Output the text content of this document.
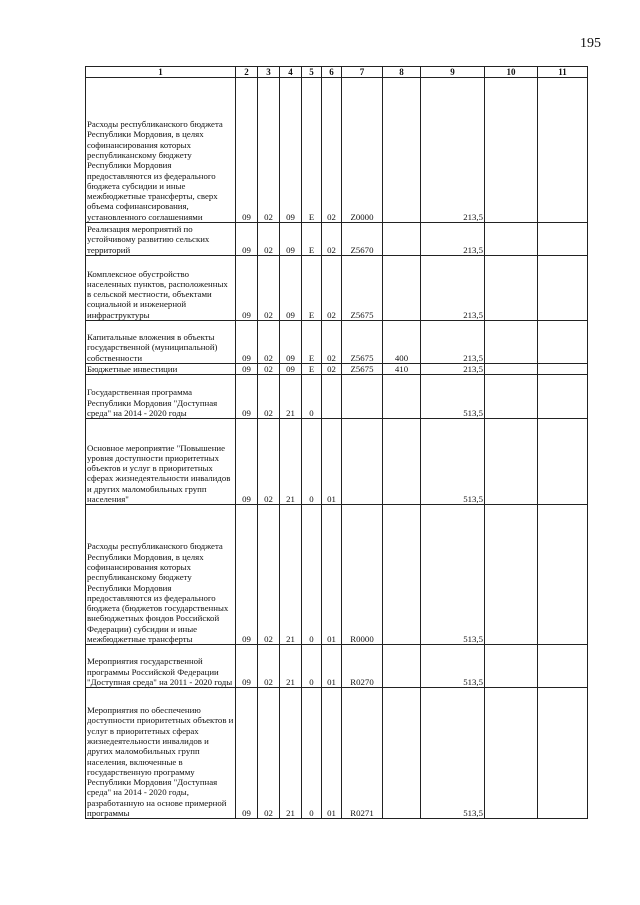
195
1	2	3	4	5	6	7	8	9	10	11
Расходы республиканского бюджета Республики Мордовия, в целях софинансирования которых республиканскому бюджету Республики Мордовия предоставляются из федерального бюджета субсидии и иные межбюджетные трансферты, сверх объема софинансирования, установленного соглашениями	09	02	09	Е	02	Z0000		213,5		
Реализация мероприятий по устойчивому развитию сельских территорий	09	02	09	Е	02	Z5670		213,5		
Комплексное обустройство населенных пунктов, расположенных в сельской местности, объектами социальной и инженерной инфраструктуры	09	02	09	Е	02	Z5675		213,5		
Капитальные вложения в объекты государственной (муниципальной) собственности	09	02	09	Е	02	Z5675	400	213,5		
Бюджетные инвестиции	09	02	09	Е	02	Z5675	410	213,5		
Государственная программа Республики Мордовия "Доступная среда" на 2014 - 2020 годы	09	02	21	0				513,5		
Основное мероприятие "Повышение уровня доступности приоритетных объектов и услуг в приоритетных сферах жизнедеятельности инвалидов и других маломобильных групп населения"	09	02	21	0	01			513,5		
Расходы республиканского бюджета Республики Мордовия, в целях софинансирования которых республиканскому бюджету Республики Мордовия предоставляются из федерального бюджета (бюджетов государственных внебюджетных фондов Российской Федерации) субсидии и иные межбюджетные трансферты	09	02	21	0	01	R0000		513,5		
Мероприятия государственной программы Российской Федерации "Доступная среда" на 2011 - 2020 годы	09	02	21	0	01	R0270		513,5		
Мероприятия по обеспечению доступности приоритетных объектов и услуг в приоритетных сферах жизнедеятельности инвалидов и других маломобильных групп населения, включенные в государственную программу Республики Мордовия "Доступная среда" на 2014 - 2020 годы, разработанную на основе примерной программы	09	02	21	0	01	R0271		513,5		
